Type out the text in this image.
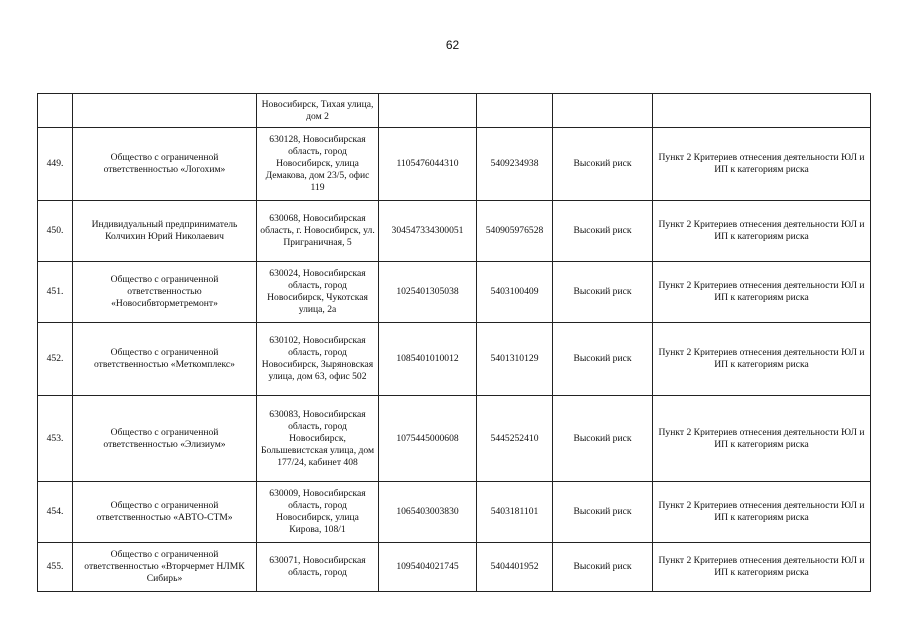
62
		Новосибирск, Тихая улица, дом 2				
449.	Общество с ограниченной ответственностью «Логохим»	630128, Новосибирская область, город Новосибирск, улица Демакова, дом 23/5, офис 119	1105476044310	5409234938	Высокий риск	Пункт 2 Критериев отнесения деятельности ЮЛ и ИП к категориям риска
450.	Индивидуальный предприниматель Колчихин Юрий Николаевич	630068, Новосибирская область, г. Новосибирск, ул. Приграничная, 5	304547334300051	540905976528	Высокий риск	Пункт 2 Критериев отнесения деятельности ЮЛ и ИП к категориям риска
451.	Общество с ограниченной ответственностью «Новосибвторметремонт»	630024, Новосибирская область, город Новосибирск, Чукотская улица, 2а	1025401305038	5403100409	Высокий риск	Пункт 2 Критериев отнесения деятельности ЮЛ и ИП к категориям риска
452.	Общество с ограниченной ответственностью «Меткомплекс»	630102, Новосибирская область, город Новосибирск, Зыряновская улица, дом 63, офис 502	1085401010012	5401310129	Высокий риск	Пункт 2 Критериев отнесения деятельности ЮЛ и ИП к категориям риска
453.	Общество с ограниченной ответственностью «Элизиум»	630083, Новосибирская область, город Новосибирск, Большевистская улица, дом 177/24, кабинет 408	1075445000608	5445252410	Высокий риск	Пункт 2 Критериев отнесения деятельности ЮЛ и ИП к категориям риска
454.	Общество с ограниченной ответственностью «АВТО-СТМ»	630009, Новосибирская область, город Новосибирск, улица Кирова, 108/1	1065403003830	5403181101	Высокий риск	Пункт 2 Критериев отнесения деятельности ЮЛ и ИП к категориям риска
455.	Общество с ограниченной ответственностью «Вторчермет НЛМК Сибирь»	630071, Новосибирская область, город	1095404021745	5404401952	Высокий риск	Пункт 2 Критериев отнесения деятельности ЮЛ и ИП к категориям риска
